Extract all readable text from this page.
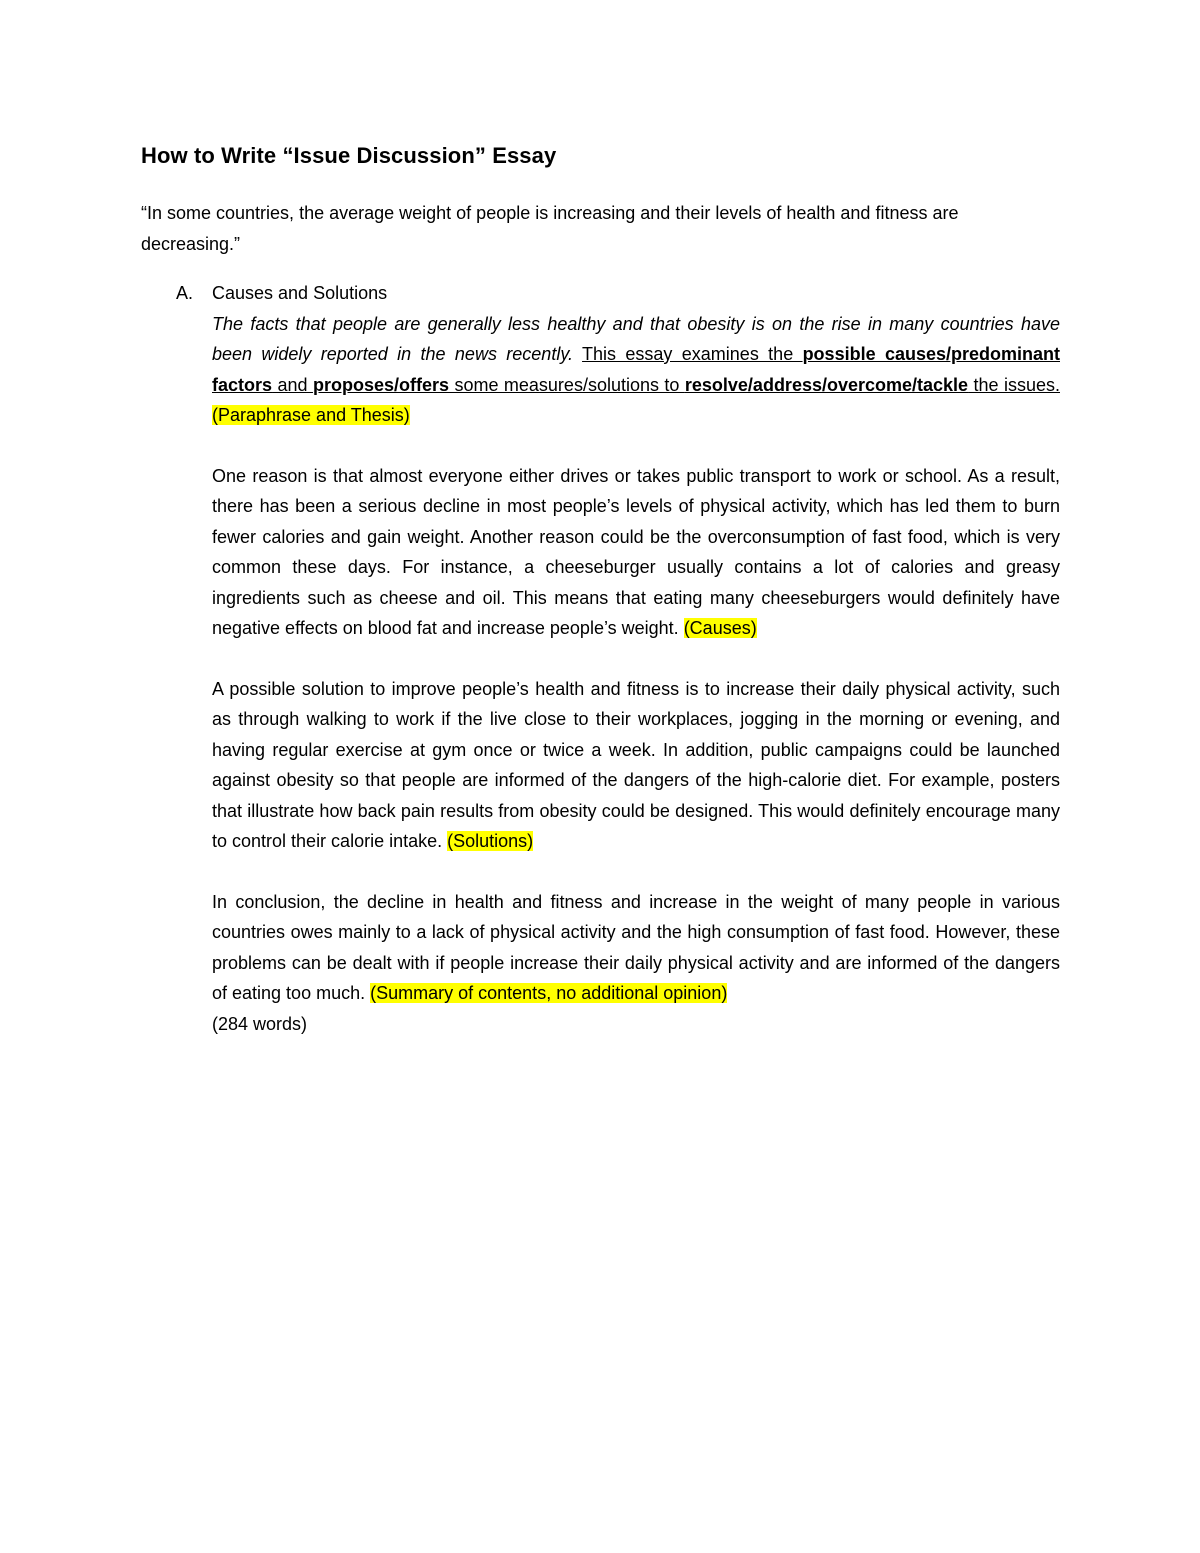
How to Write “Issue Discussion” Essay

“In some countries, the average weight of people is increasing and their levels of health and fitness are decreasing.”

A. Causes and Solutions

The facts that people are generally less healthy and that obesity is on the rise in many countries have been widely reported in the news recently. This essay examines the possible causes/predominant factors and proposes/offers some measures/solutions to resolve/address/overcome/tackle the issues. (Paraphrase and Thesis)

One reason is that almost everyone either drives or takes public transport to work or school. As a result, there has been a serious decline in most people’s levels of physical activity, which has led them to burn fewer calories and gain weight. Another reason could be the overconsumption of fast food, which is very common these days. For instance, a cheeseburger usually contains a lot of calories and greasy ingredients such as cheese and oil. This means that eating many cheeseburgers would definitely have negative effects on blood fat and increase people’s weight. (Causes)

A possible solution to improve people’s health and fitness is to increase their daily physical activity, such as through walking to work if the live close to their workplaces, jogging in the morning or evening, and having regular exercise at gym once or twice a week. In addition, public campaigns could be launched against obesity so that people are informed of the dangers of the high-calorie diet. For example, posters that illustrate how back pain results from obesity could be designed. This would definitely encourage many to control their calorie intake. (Solutions)

In conclusion, the decline in health and fitness and increase in the weight of many people in various countries owes mainly to a lack of physical activity and the high consumption of fast food. However, these problems can be dealt with if people increase their daily physical activity and are informed of the dangers of eating too much. (Summary of contents, no additional opinion)

(284 words)
